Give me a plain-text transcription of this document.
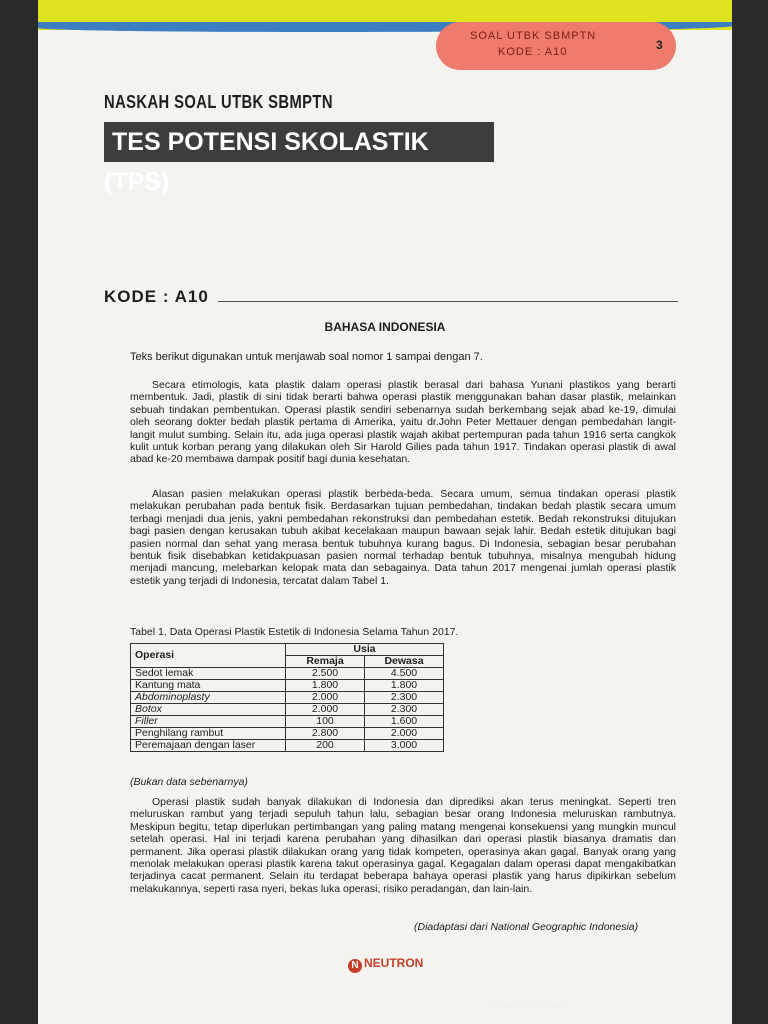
SOAL UTBK SBMPTN
KODE : A10	3
NASKAH SOAL UTBK SBMPTN
TES POTENSI SKOLASTIK (TPS)
KODE : A10
BAHASA INDONESIA
Teks berikut digunakan untuk menjawab soal nomor 1 sampai dengan 7.

Secara etimologis, kata plastik dalam operasi plastik berasal dari bahasa Yunani plastikos yang berarti membentuk. Jadi, plastik di sini tidak berarti bahwa operasi plastik menggunakan bahan dasar plastik, melainkan sebuah tindakan pembentukan. Operasi plastik sendiri sebenarnya sudah berkembang sejak abad ke-19, dimulai oleh seorang dokter bedah plastik pertama di Amerika, yaitu dr.John Peter Mettauer dengan pembedahan langit-langit mulut sumbing. Selain itu, ada juga operasi plastik wajah akibat pertempuran pada tahun 1916 serta cangkok kulit untuk korban perang yang dilakukan oleh Sir Harold Gilies pada tahun 1917. Tindakan operasi plastik di awal abad ke-20 membawa dampak positif bagi dunia kesehatan.

Alasan pasien melakukan operasi plastik berbeda-beda. Secara umum, semua tindakan operasi plastik melakukan perubahan pada bentuk fisik. Berdasarkan tujuan pembedahan, tindakan bedah plastik secara umum terbagi menjadi dua jenis, yakni pembedahan rekonstruksi dan pembedahan estetik. Bedah rekonstruksi ditujukan bagi pasien dengan kerusakan tubuh akibat kecelakaan maupun bawaan sejak lahir. Bedah estetik ditujukan bagi pasien normal dan sehat yang merasa bentuk tubuhnya kurang bagus. Di Indonesia, sebagian besar perubahan bentuk fisik disebabkan ketidakpuasan pasien normal terhadap bentuk tubuhnya, misalnya mengubah hidung menjadi mancung, melebarkan kelopak mata dan sebagainya. Data tahun 2017 mengenai jumlah operasi plastik estetik yang terjadi di Indonesia, tercatat dalam Tabel 1.

Tabel 1. Data Operasi Plastik Estetik di Indonesia Selama Tahun 2017.
Operasi	Usia	
	Remaja	Dewasa
Sedot lemak	2.500	4.500
Kantung mata	1.800	1.800
Abdominoplasty	2.000	2.300
Botox	2.000	2.300
Filler	100	1.600
Penghilang rambut	2.800	2.000
Peremajaan dengan laser	200	3.000
(Bukan data sebenarnya)

Operasi plastik sudah banyak dilakukan di Indonesia dan diprediksi akan terus meningkat. Seperti tren meluruskan rambut yang terjadi sepuluh tahun lalu, sebagian besar orang Indonesia meluruskan rambutnya. Meskipun begitu, tetap diperlukan pertimbangan yang paling matang mengenai konsekuensi yang mungkin muncul setelah operasi. Hal ini terjadi karena perubahan yang dihasilkan dari operasi plastik biasanya dramatis dan permanent. Jika operasi plastik dilakukan orang yang tidak kompeten, operasinya akan gagal. Banyak orang yang menolak melakukan operasi plastik karena takut operasinya gagal. Kegagalan dalam operasi dapat mengakibatkan terjadinya cacat permanent. Selain itu terdapat beberapa bahaya operasi plastik yang harus dipikirkan sebelum melakukannya, seperti rasa nyeri, bekas luka operasi, risiko peradangan, dan lain-lain.

(Diadaptasi dari National Geographic Indonesia)
N NEUTRON
Scanned with CamScanner
